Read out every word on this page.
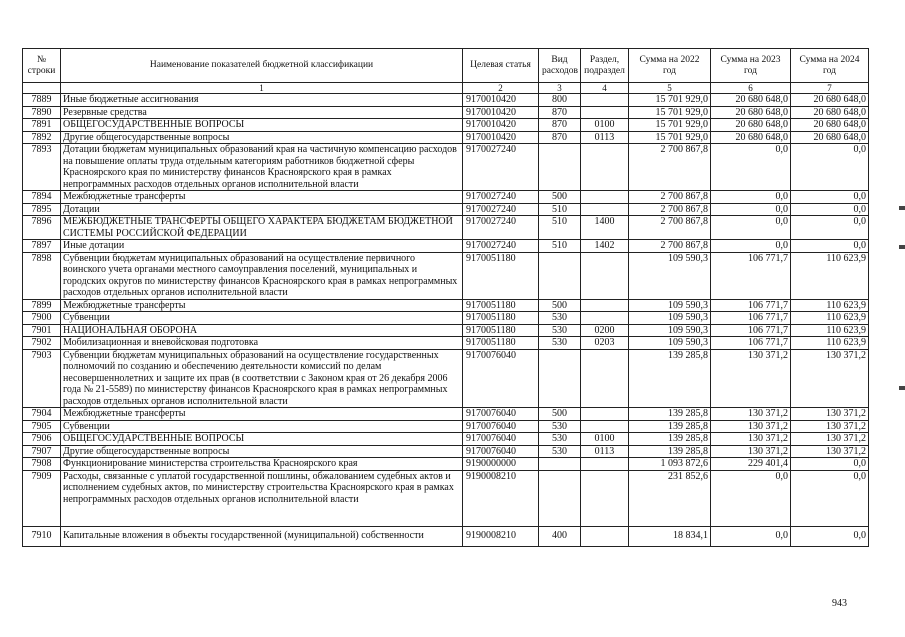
№ строки	Наименование показателей бюджетной классификации	Целевая статья	Вид расходов	Раздел, подраздел	Сумма на 2022 год	Сумма на 2023 год	Сумма на 2024 год
	1	2	3	4	5	6	7
7889	Иные бюджетные ассигнования	9170010420	800		15 701 929,0	20 680 648,0	20 680 648,0
7890	Резервные средства	9170010420	870		15 701 929,0	20 680 648,0	20 680 648,0
7891	ОБЩЕГОСУДАРСТВЕННЫЕ ВОПРОСЫ	9170010420	870	0100	15 701 929,0	20 680 648,0	20 680 648,0
7892	Другие общегосударственные вопросы	9170010420	870	0113	15 701 929,0	20 680 648,0	20 680 648,0
7893	Дотации бюджетам муниципальных образований края на частичную компенсацию расходов на повышение оплаты труда отдельным категориям работников бюджетной сферы Красноярского края по министерству финансов Красноярского края в рамках непрограммных расходов отдельных органов исполнительной власти	9170027240			2 700 867,8	0,0	0,0
7894	Межбюджетные трансферты	9170027240	500		2 700 867,8	0,0	0,0
7895	Дотации	9170027240	510		2 700 867,8	0,0	0,0
7896	МЕЖБЮДЖЕТНЫЕ ТРАНСФЕРТЫ ОБЩЕГО ХАРАКТЕРА БЮДЖЕТАМ БЮДЖЕТНОЙ СИСТЕМЫ РОССИЙСКОЙ ФЕДЕРАЦИИ	9170027240	510	1400	2 700 867,8	0,0	0,0
7897	Иные дотации	9170027240	510	1402	2 700 867,8	0,0	0,0
7898	Субвенции бюджетам муниципальных образований на осуществление первичного воинского учета органами местного самоуправления поселений, муниципальных и городских округов по министерству финансов Красноярского края в рамках непрограммных расходов отдельных органов исполнительной власти	9170051180			109 590,3	106 771,7	110 623,9
7899	Межбюджетные трансферты	9170051180	500		109 590,3	106 771,7	110 623,9
7900	Субвенции	9170051180	530		109 590,3	106 771,7	110 623,9
7901	НАЦИОНАЛЬНАЯ ОБОРОНА	9170051180	530	0200	109 590,3	106 771,7	110 623,9
7902	Мобилизационная и вневойсковая подготовка	9170051180	530	0203	109 590,3	106 771,7	110 623,9
7903	Субвенции бюджетам муниципальных образований на осуществление государственных полномочий по созданию и обеспечению деятельности комиссий по делам несовершеннолетних и защите их прав (в соответствии с Законом края от 26 декабря 2006 года № 21-5589) по министерству финансов Красноярского края в рамках непрограммных расходов отдельных органов исполнительной власти	9170076040			139 285,8	130 371,2	130 371,2
7904	Межбюджетные трансферты	9170076040	500		139 285,8	130 371,2	130 371,2
7905	Субвенции	9170076040	530		139 285,8	130 371,2	130 371,2
7906	ОБЩЕГОСУДАРСТВЕННЫЕ ВОПРОСЫ	9170076040	530	0100	139 285,8	130 371,2	130 371,2
7907	Другие общегосударственные вопросы	9170076040	530	0113	139 285,8	130 371,2	130 371,2
7908	Функционирование министерства строительства Красноярского края	9190000000			1 093 872,6	229 401,4	0,0
7909	Расходы, связанные с уплатой государственной пошлины, обжалованием судебных актов и исполнением судебных актов, по министерству строительства Красноярского края в рамках непрограммных расходов отдельных органов исполнительной власти	9190008210			231 852,6	0,0	0,0
7910	Капитальные вложения в объекты государственной (муниципальной) собственности	9190008210	400		18 834,1	0,0	0,0
943
